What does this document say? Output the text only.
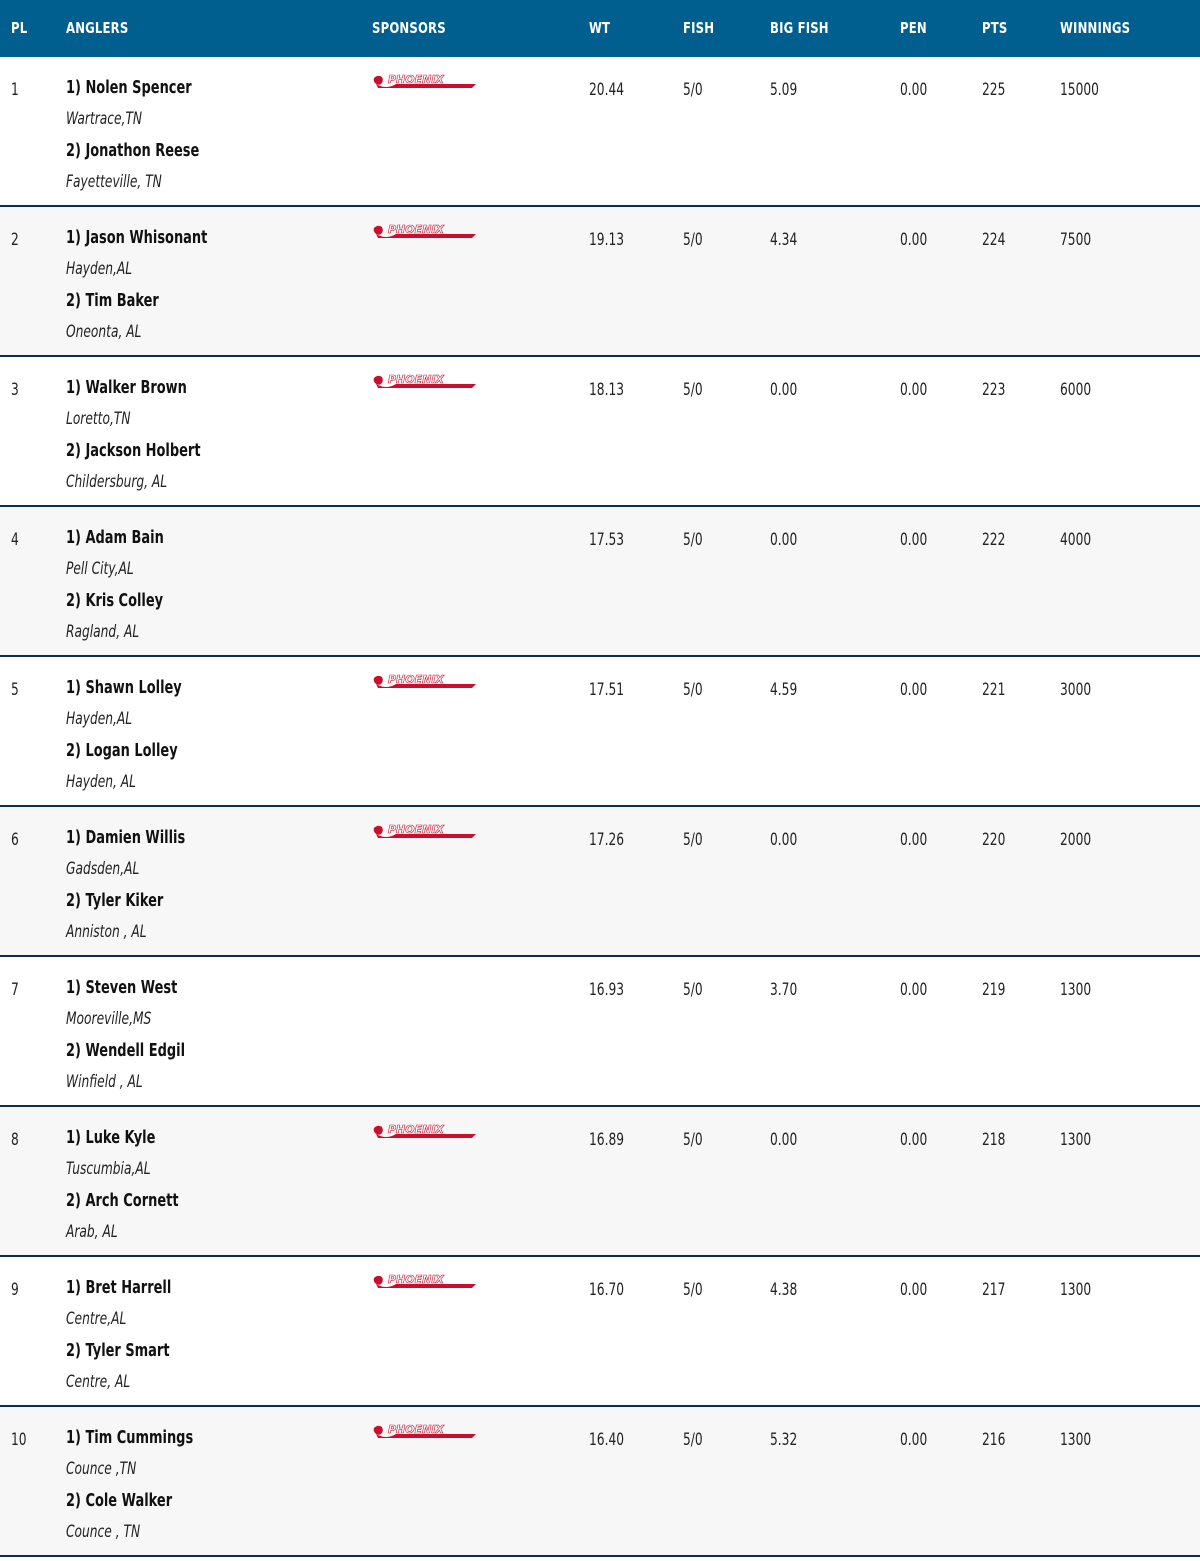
PL	ANGLERS	SPONSORS	WT	FISH	BIG FISH	PEN	PTS	WINNINGS
1	1) Nolen Spencer
Wartrace,TN
2) Jonathon Reese
Fayetteville, TN
PHOENIX
20.44	5/0	5.09	0.00	225	15000
2	1) Jason Whisonant
Hayden,AL
2) Tim Baker
Oneonta, AL
PHOENIX
19.13	5/0	4.34	0.00	224	7500
3	1) Walker Brown
Loretto,TN
2) Jackson Holbert
Childersburg, AL
PHOENIX
18.13	5/0	0.00	0.00	223	6000
4	1) Adam Bain
Pell City,AL
2) Kris Colley
Ragland, AL
17.53	5/0	0.00	0.00	222	4000
5	1) Shawn Lolley
Hayden,AL
2) Logan Lolley
Hayden, AL
PHOENIX
17.51	5/0	4.59	0.00	221	3000
6	1) Damien Willis
Gadsden,AL
2) Tyler Kiker
Anniston , AL
PHOENIX
17.26	5/0	0.00	0.00	220	2000
7	1) Steven West
Mooreville,MS
2) Wendell Edgil
Winfield , AL
16.93	5/0	3.70	0.00	219	1300
8	1) Luke Kyle
Tuscumbia,AL
2) Arch Cornett
Arab, AL
PHOENIX
16.89	5/0	0.00	0.00	218	1300
9	1) Bret Harrell
Centre,AL
2) Tyler Smart
Centre, AL
PHOENIX
16.70	5/0	4.38	0.00	217	1300
10 1) Tim Cummings
Counce ,TN
2) Cole Walker
Counce , TN
PHOENIX
16.40	5/0	5.32	0.00	216	1300
